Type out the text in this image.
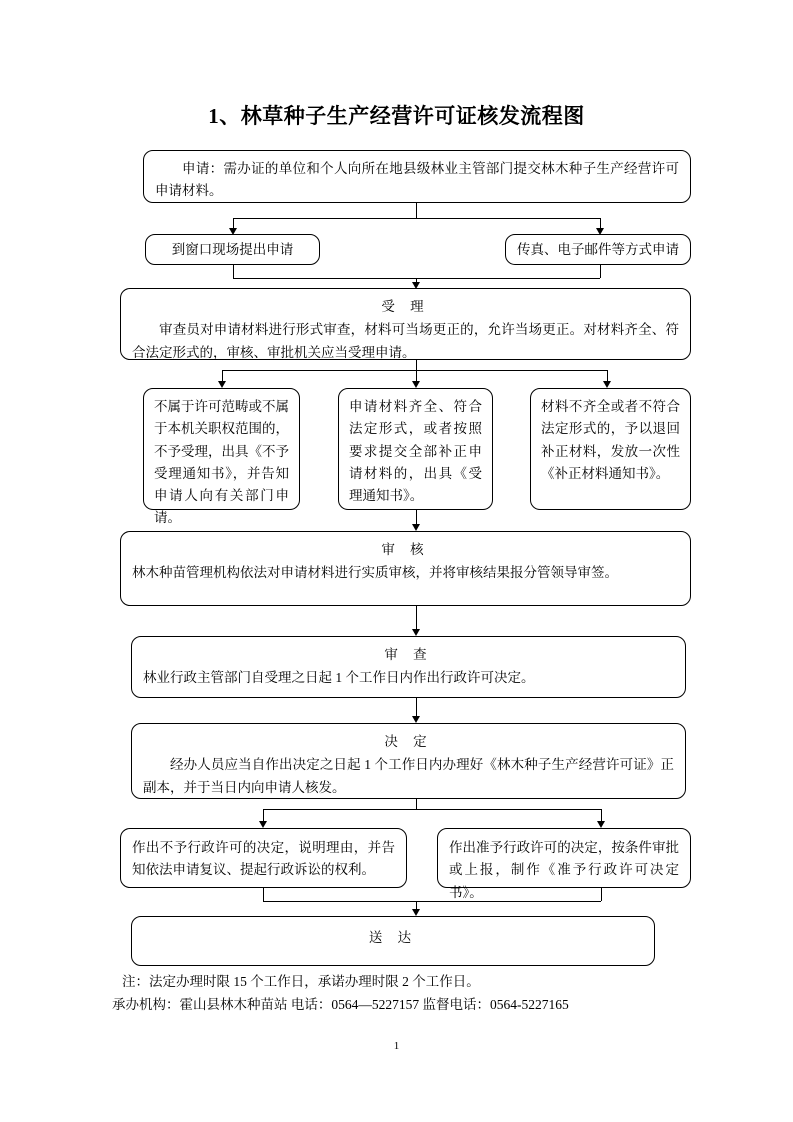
1、林草种子生产经营许可证核发流程图
申请：需办证的单位和个人向所在地县级林业主管部门提交林木种子生产经营许可申请材料。
到窗口现场提出申请	传真、电子邮件等方式申请
受 理
审查员对申请材料进行形式审查，材料可当场更正的，允许当场更正。对材料齐全、符合法定形式的，审核、审批机关应当受理申请。
不属于许可范畴或不属于本机关职权范围的，不予受理，出具《不予受理通知书》，并告知申请人向有关部门申请。
申请材料齐全、符合法定形式，或者按照要求提交全部补正申请材料的，出具《受理通知书》。
材料不齐全或者不符合法定形式的，予以退回补正材料，发放一次性《补正材料通知书》。
审 核
林木种苗管理机构依法对申请材料进行实质审核，并将审核结果报分管领导审签。
审 查
林业行政主管部门自受理之日起 1 个工作日内作出行政许可决定。
决 定
经办人员应当自作出决定之日起 1 个工作日内办理好《林木种子生产经营许可证》正副本，并于当日内向申请人核发。
作出不予行政许可的决定，说明理由，并告知依法申请复议、提起行政诉讼的权利。
作出准予行政许可的决定，按条件审批或上报，制作《准予行政许可决定书》。
送 达
注：法定办理时限 15 个工作日，承诺办理时限 2 个工作日。
承办机构：霍山县林木种苗站 电话：0564—5227157 监督电话：0564-5227165
1
